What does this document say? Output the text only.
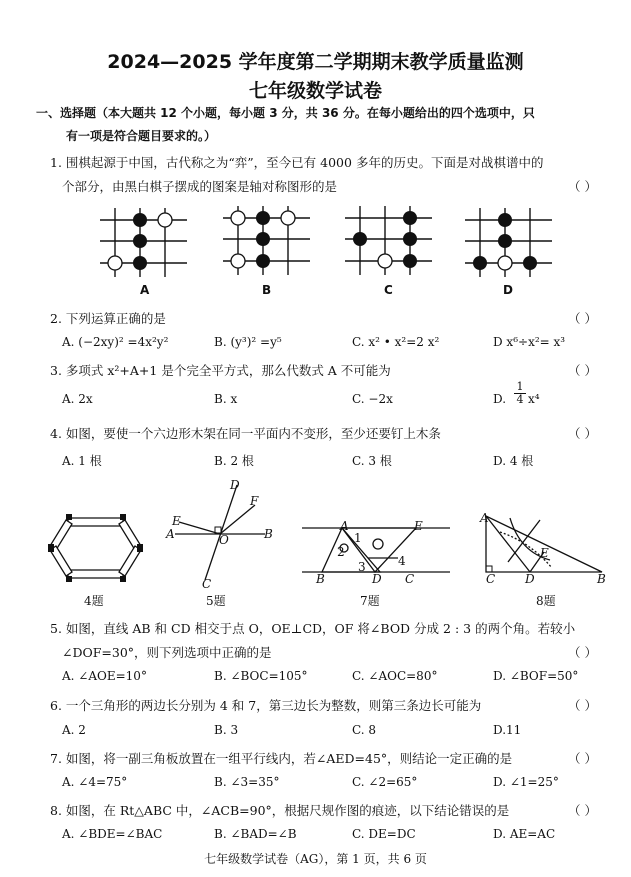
2024—2025 学年度第二学期期末教学质量监测
七年级数学试卷
一、选择题（本大题共 12 个小题，每小题 3 分，共 36 分。在每小题给出的四个选项中，只
有一项是符合题目要求的。）
1. 围棋起源于中国，古代称之为“弈”，至今已有 4000 多年的历史。下面是对战棋谱中的
个部分，由黑白棋子摆成的图案是轴对称图形的是	（ ）
A	B	C	D
2. 下列运算正确的是	（ ）
A. (−2xy)² =4x²y²	B. (y³)² =y⁵	C. x² • x²=2 x²	D x⁶÷x²= x³
3. 多项式 x²+A+1 是个完全平方式，那么代数式 A 不可能为	（ ）
A. 2x	B. x	C. −2x	D.
1
4 x⁴
4. 如图，要使一个六边形木架在同一平面内不变形，至少还要钉上木条	（ ）
A. 1 根	B. 2 根	C. 3 根	D. 4 根
4题
D
F
E
A	O	B
C
5题
A	E
1
2
4
3
B	D C
7题
A
E
C D	B
8题
5. 如图，直线 AB 和 CD 相交于点 O，OE⊥CD，OF 将∠BOD 分成 2 : 3 的两个角。若较小
∠DOF=30°，则下列选项中正确的是	（ ）
A. ∠AOE=10°	B. ∠BOC=105°	C. ∠AOC=80°	D. ∠BOF=50°
6. 一个三角形的两边长分别为 4 和 7，第三边长为整数，则第三条边长可能为	（ ）
A. 2	B. 3	C. 8	D.11
7. 如图，将一副三角板放置在一组平行线内，若∠AED=45°，则结论一定正确的是	（ ）
A. ∠4=75°	B. ∠3=35°	C. ∠2=65°	D. ∠1=25°
8. 如图，在 Rt△ABC 中，∠ACB=90°，根据尺规作图的痕迹，以下结论错误的是	（ ）
A. ∠BDE=∠BAC	B. ∠BAD=∠B	C. DE=DC	D. AE=AC
七年级数学试卷（AG），第 1 页，共 6 页
